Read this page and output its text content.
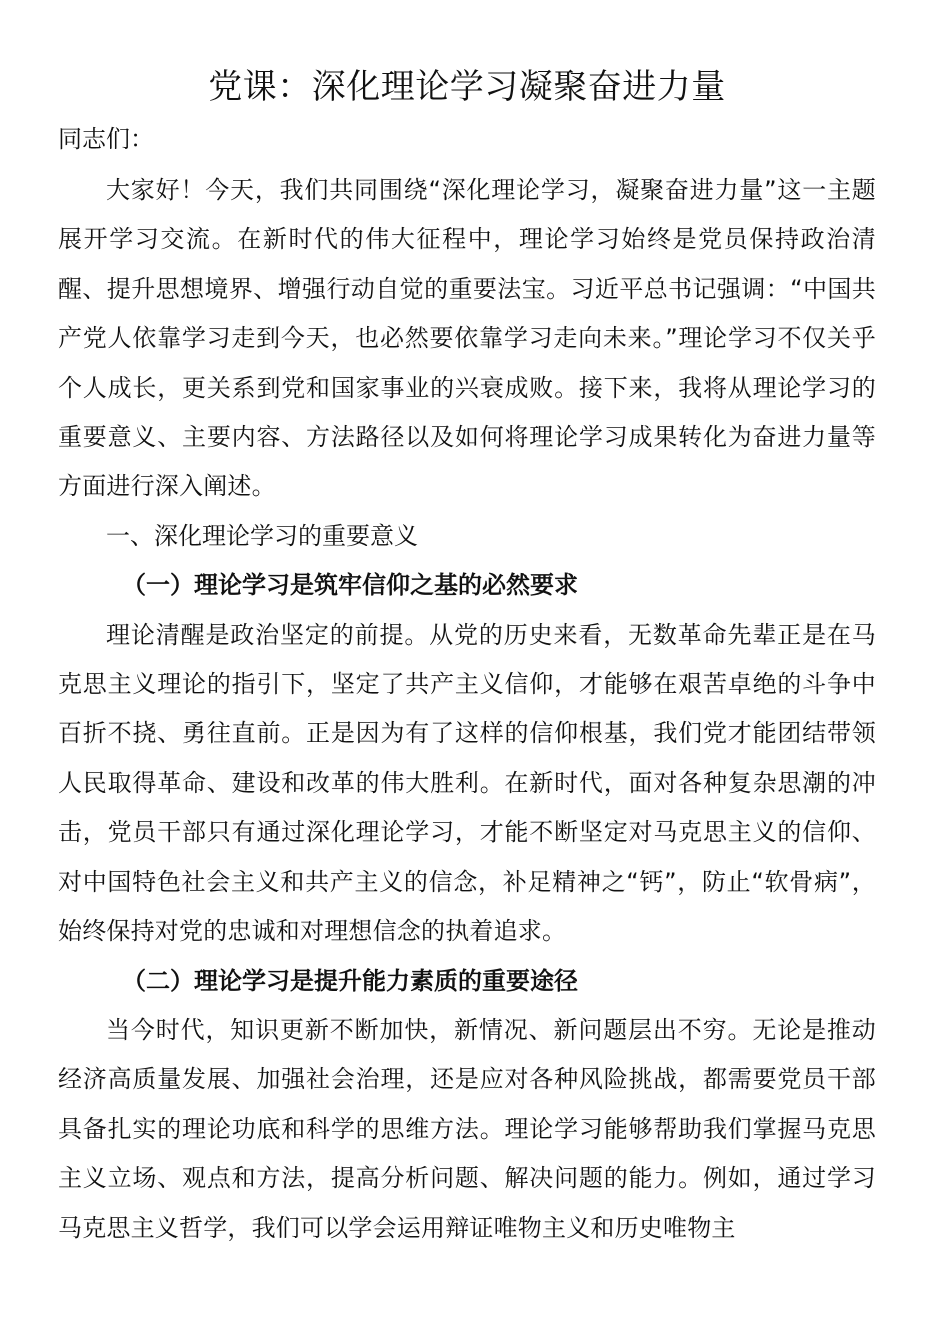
党课：深化理论学习凝聚奋进力量

同志们：

大家好！今天，我们共同围绕“深化理论学习，凝聚奋进力量”这一主题展开学习交流。在新时代的伟大征程中，理论学习始终是党员保持政治清醒、提升思想境界、增强行动自觉的重要法宝。习近平总书记强调：“中国共产党人依靠学习走到今天，也必然要依靠学习走向未来。”理论学习不仅关乎个人成长，更关系到党和国家事业的兴衰成败。接下来，我将从理论学习的重要意义、主要内容、方法路径以及如何将理论学习成果转化为奋进力量等方面进行深入阐述。

一、深化理论学习的重要意义

（一）理论学习是筑牢信仰之基的必然要求

理论清醒是政治坚定的前提。从党的历史来看，无数革命先辈正是在马克思主义理论的指引下，坚定了共产主义信仰，才能够在艰苦卓绝的斗争中百折不挠、勇往直前。正是因为有了这样的信仰根基，我们党才能团结带领人民取得革命、建设和改革的伟大胜利。在新时代，面对各种复杂思潮的冲击，党员干部只有通过深化理论学习，才能不断坚定对马克思主义的信仰、对中国特色社会主义和共产主义的信念，补足精神之“钙”，防止“软骨病”，始终保持对党的忠诚和对理想信念的执着追求。

（二）理论学习是提升能力素质的重要途径

当今时代，知识更新不断加快，新情况、新问题层出不穷。无论是推动经济高质量发展、加强社会治理，还是应对各种风险挑战，都需要党员干部具备扎实的理论功底和科学的思维方法。理论学习能够帮助我们掌握马克思主义立场、观点和方法，提高分析问题、解决问题的能力。例如，通过学习马克思主义哲学，我们可以学会运用辩证唯物主义和历史唯物主
